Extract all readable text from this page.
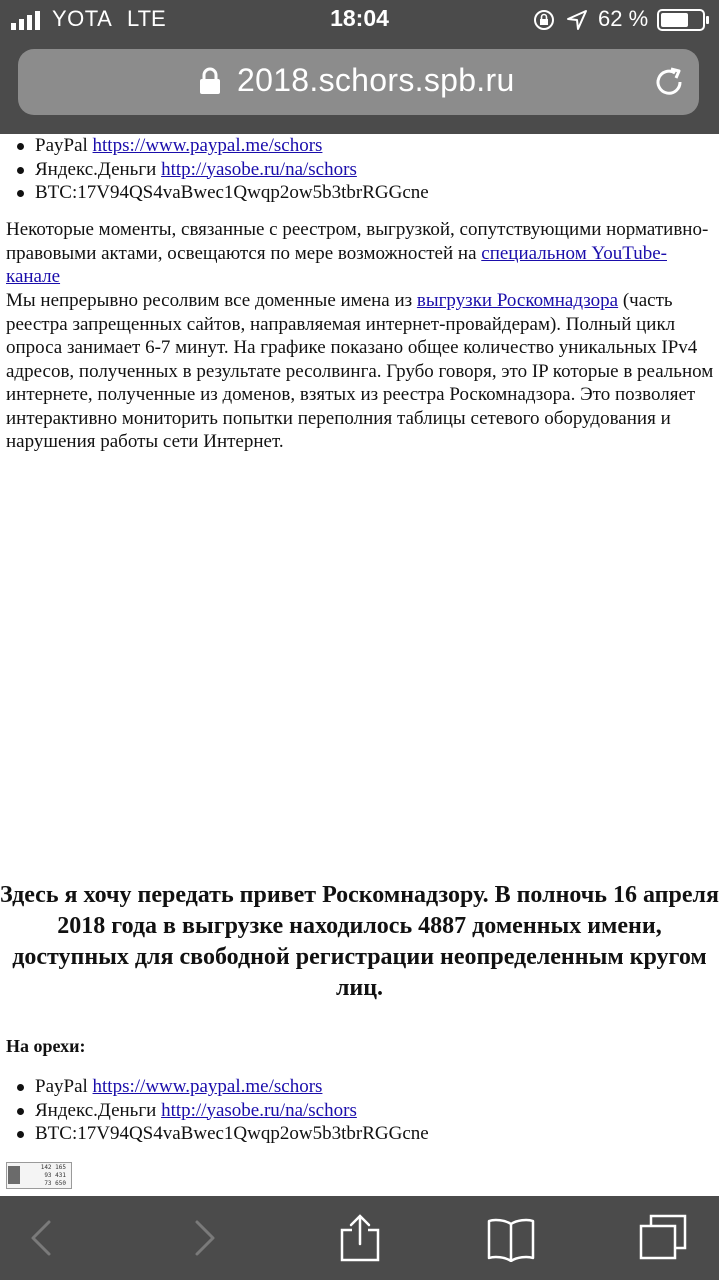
YOTA LTE	18:04	62 %
2018.schors.spb.ru
PayPal https://www.paypal.me/schors
Яндекс.Деньги http://yasobe.ru/na/schors
BTC:17V94QS4vaBwec1Qwqp2ow5b3tbrRGGcne

Некоторые моменты, связанные с реестром, выгрузкой, сопутствующими нормативно-правовыми актами, освещаются по мере возможностей на специальном YouTube-канале

Мы непрерывно ресолвим все доменные имена из выгрузки Роскомнадзора (часть реестра запрещенных сайтов, направляемая интернет-провайдерам). Полный цикл опроса занимает 6-7 минут. На графике показано общее количество уникальных IPv4 адресов, полученных в результате ресолвинга. Грубо говоря, это IP которые в реальном интернете, полученные из доменов, взятых из реестра Роскомнадзора. Это позволяет интерактивно мониторить попытки переполния таблицы сетевого оборудования и нарушения работы сети Интернет.

Здесь я хочу передать привет Роскомнадзору. В полночь 16 апреля 2018 года в выгрузке находилось 4887 доменных имени, доступных для свободной регистрации неопределенным кругом лиц.

На орехи:

PayPal https://www.paypal.me/schors
Яндекс.Деньги http://yasobe.ru/na/schors
BTC:17V94QS4vaBwec1Qwqp2ow5b3tbrRGGcne
142 165
93 431
73 650
